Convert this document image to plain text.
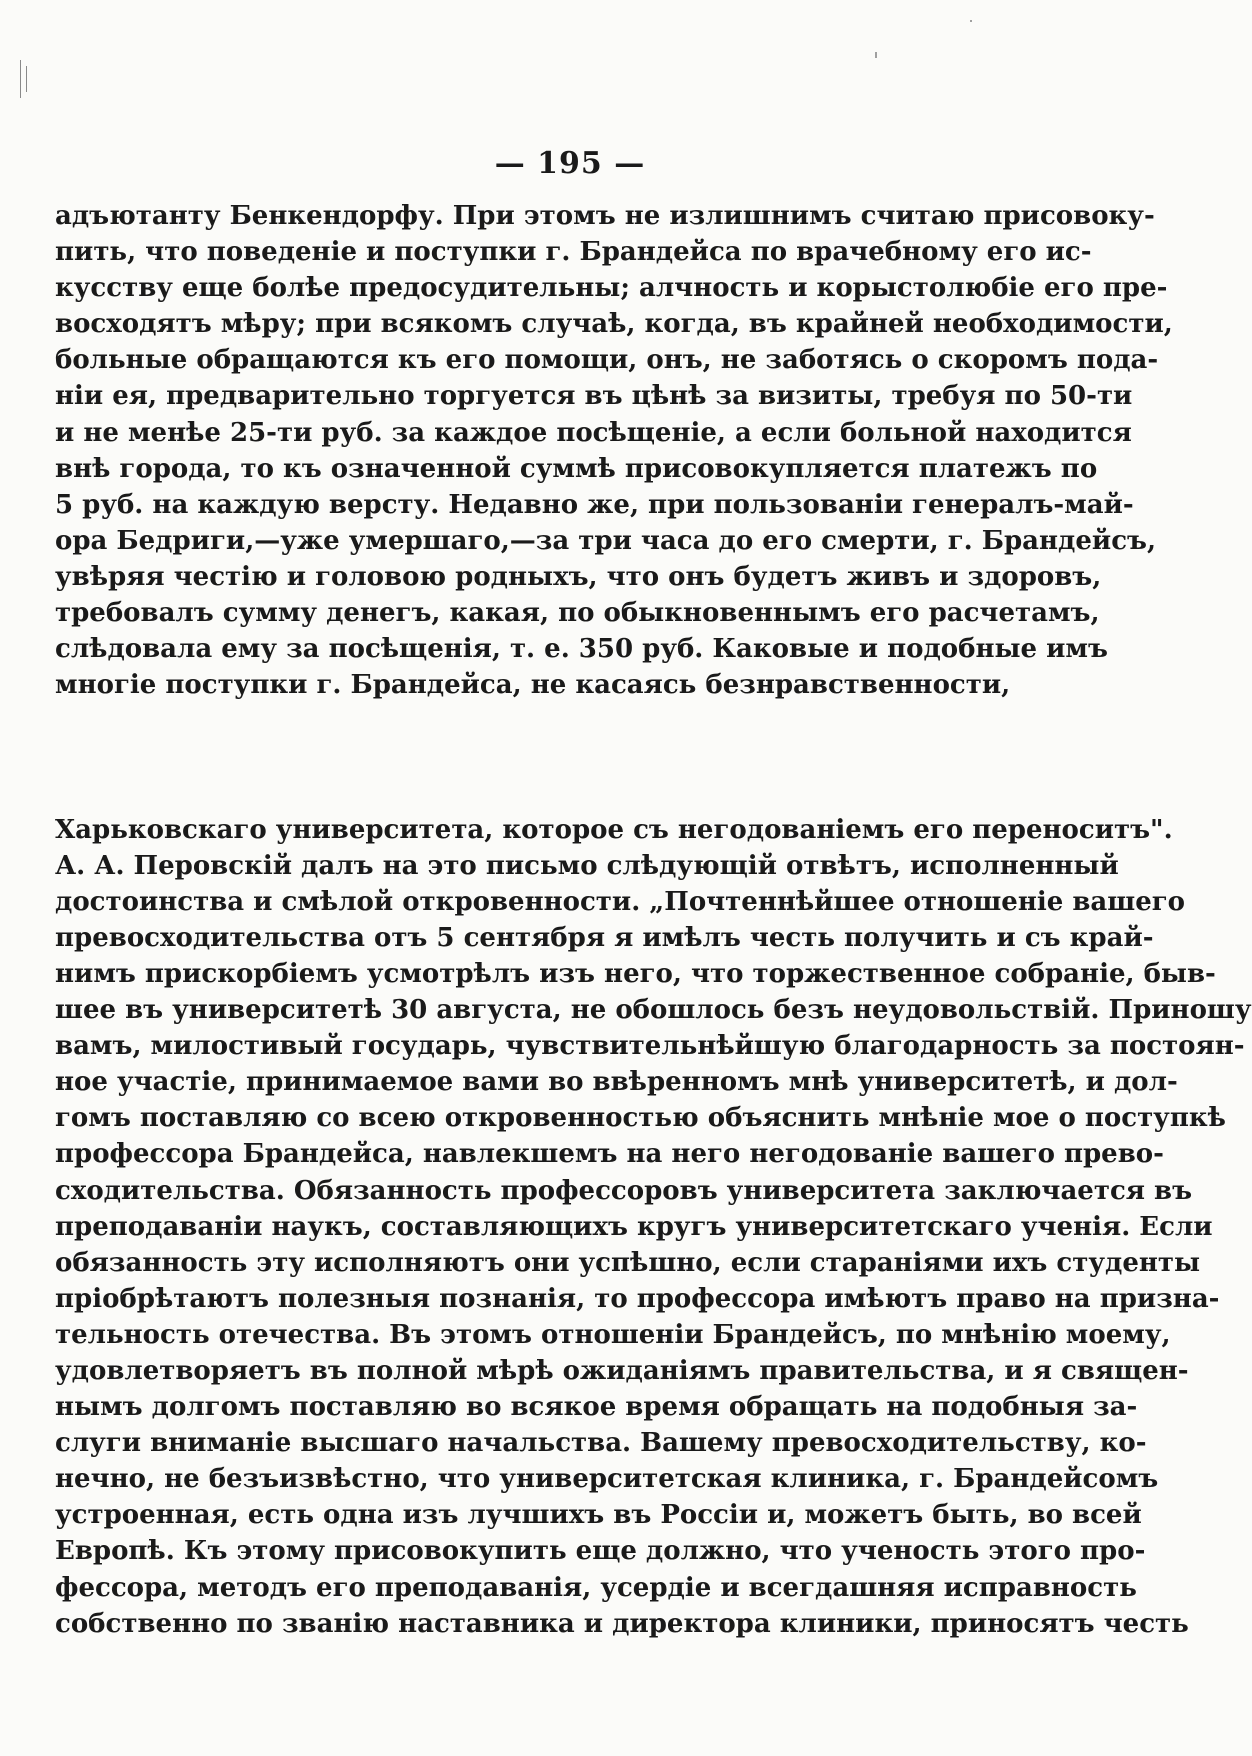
— 195 —
адъютанту Бенкендорфу. При этомъ не излишнимъ считаю присовоку-
пить, что поведеніе и поступки г. Брандейса по врачебному его ис-
кусству еще болѣе предосудительны; алчность и корыстолюбіе его пре-
восходятъ мѣру; при всякомъ случаѣ, когда, въ крайней необходимости,
больные обращаются къ его помощи, онъ, не заботясь о скоромъ пода-
ніи ея, предварительно торгуется въ цѣнѣ за визиты, требуя по 50-ти
и не менѣе 25-ти руб. за каждое посѣщеніе, а если больной находится
внѣ города, то къ означенной суммѣ присовокупляется платежъ по
5 руб. на каждую версту. Недавно же, при пользованіи генералъ-май-
ора Бедриги,—уже умершаго,—за три часа до его смерти, г. Брандейсъ,
увѣряя честію и головою родныхъ, что онъ будетъ живъ и здоровъ,
требовалъ сумму денегъ, какая, по обыкновеннымъ его расчетамъ,
слѣдовала ему за посѣщенія, т. е. 350 руб. Каковые и подобные имъ
многіе поступки г. Брандейса, не касаясь безнравственности,
Харьковскаго университета, которое съ негодованіемъ его переноситъ".
А. А. Перовскій далъ на это письмо слѣдующій отвѣтъ, исполненный
достоинства и смѣлой откровенности. „Почтеннѣйшее отношеніе вашего
превосходительства отъ 5 сентября я имѣлъ честь получить и съ край-
нимъ прискорбіемъ усмотрѣлъ изъ него, что торжественное собраніе, быв-
шее въ университетѣ 30 августа, не обошлось безъ неудовольствій. Приношу
вамъ, милостивый государь, чувствительнѣйшую благодарность за постоян-
ное участіе, принимаемое вами во ввѣренномъ мнѣ университетѣ, и дол-
гомъ поставляю со всею откровенностью объяснить мнѣніе мое о поступкѣ
профессора Брандейса, навлекшемъ на него негодованіе вашего прево-
сходительства. Обязанность профессоровъ университета заключается въ
преподаваніи наукъ, составляющихъ кругъ университетскаго ученія. Если
обязанность эту исполняютъ они успѣшно, если стараніями ихъ студенты
пріобрѣтаютъ полезныя познанія, то профессора имѣютъ право на призна-
тельность отечества. Въ этомъ отношеніи Брандейсъ, по мнѣнію моему,
удовлетворяетъ въ полной мѣрѣ ожиданіямъ правительства, и я священ-
нымъ долгомъ поставляю во всякое время обращать на подобныя за-
слуги вниманіе высшаго начальства. Вашему превосходительству, ко-
нечно, не безъизвѣстно, что университетская клиника, г. Брандейсомъ
устроенная, есть одна изъ лучшихъ въ Россіи и, можетъ быть, во всей
Европѣ. Къ этому присовокупить еще должно, что ученость этого про-
фессора, методъ его преподаванія, усердіе и всегдашняя исправность
собственно по званію наставника и директора клиники, приносятъ честь
